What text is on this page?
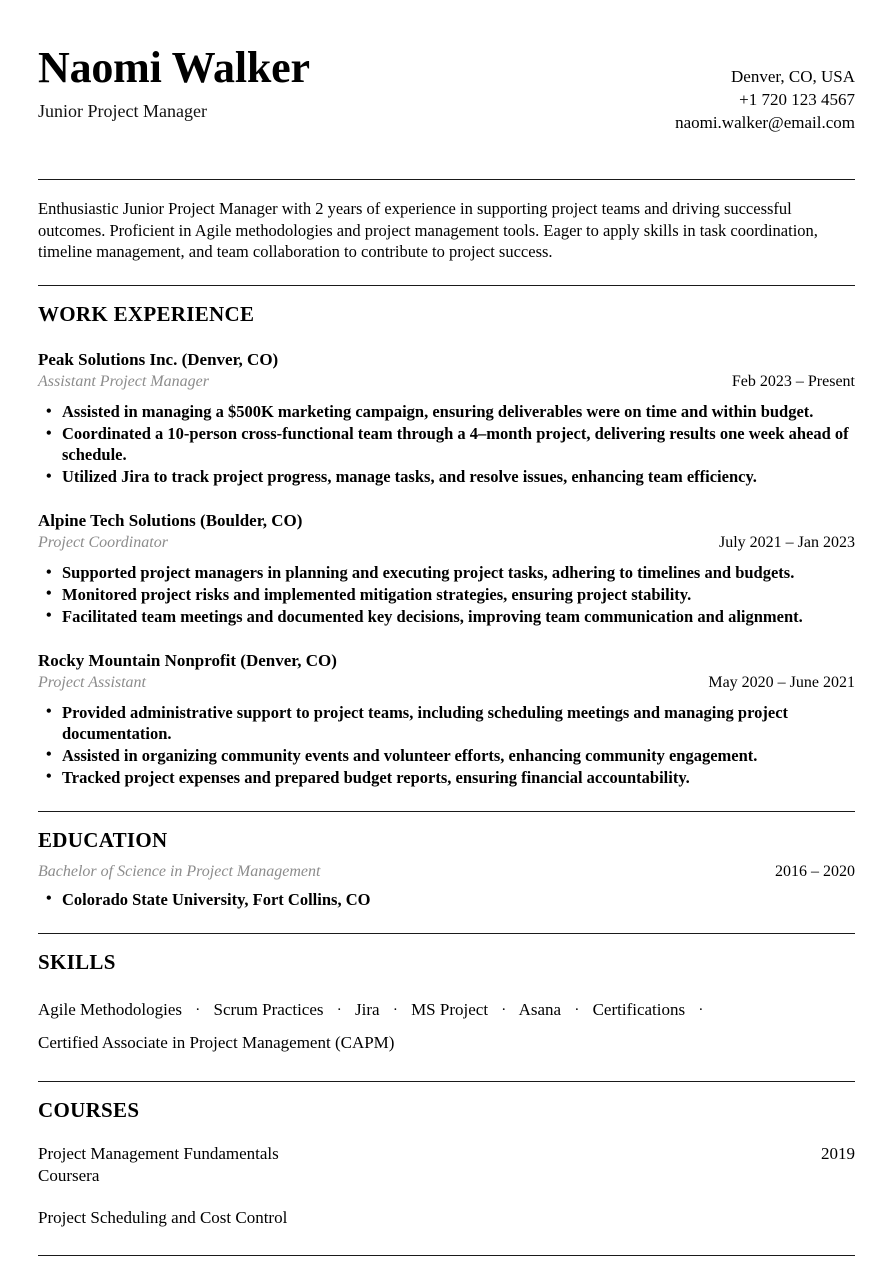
Naomi Walker
Junior Project Manager
Denver, CO, USA
+1 720 123 4567
naomi.walker@email.com

Enthusiastic Junior Project Manager with 2 years of experience in supporting project teams and driving successful outcomes. Proficient in Agile methodologies and project management tools. Eager to apply skills in task coordination, timeline management, and team collaboration to contribute to project success.

WORK EXPERIENCE
Peak Solutions Inc. (Denver, CO)
Assistant Project Manager	Feb 2023 – Present
• Assisted in managing a $500K marketing campaign, ensuring deliverables were on time and within budget.
• Coordinated a 10-person cross-functional team through a 4–month project, delivering results one week ahead of schedule.
• Utilized Jira to track project progress, manage tasks, and resolve issues, enhancing team efficiency.
Alpine Tech Solutions (Boulder, CO)
Project Coordinator	July 2021 – Jan 2023
• Supported project managers in planning and executing project tasks, adhering to timelines and budgets.
• Monitored project risks and implemented mitigation strategies, ensuring project stability.
• Facilitated team meetings and documented key decisions, improving team communication and alignment.
Rocky Mountain Nonprofit (Denver, CO)
Project Assistant	May 2020 – June 2021
• Provided administrative support to project teams, including scheduling meetings and managing project documentation.
• Assisted in organizing community events and volunteer efforts, enhancing community engagement.
• Tracked project expenses and prepared budget reports, ensuring financial accountability.
EDUCATION
Bachelor of Science in Project Management	2016 – 2020
• Colorado State University, Fort Collins, CO
SKILLS
Agile Methodologies · Scrum Practices · Jira · MS Project · Asana · Certifications · Certified Associate in Project Management (CAPM)
COURSES
Project Management Fundamentals	2019
Coursera
Project Scheduling and Cost Control
